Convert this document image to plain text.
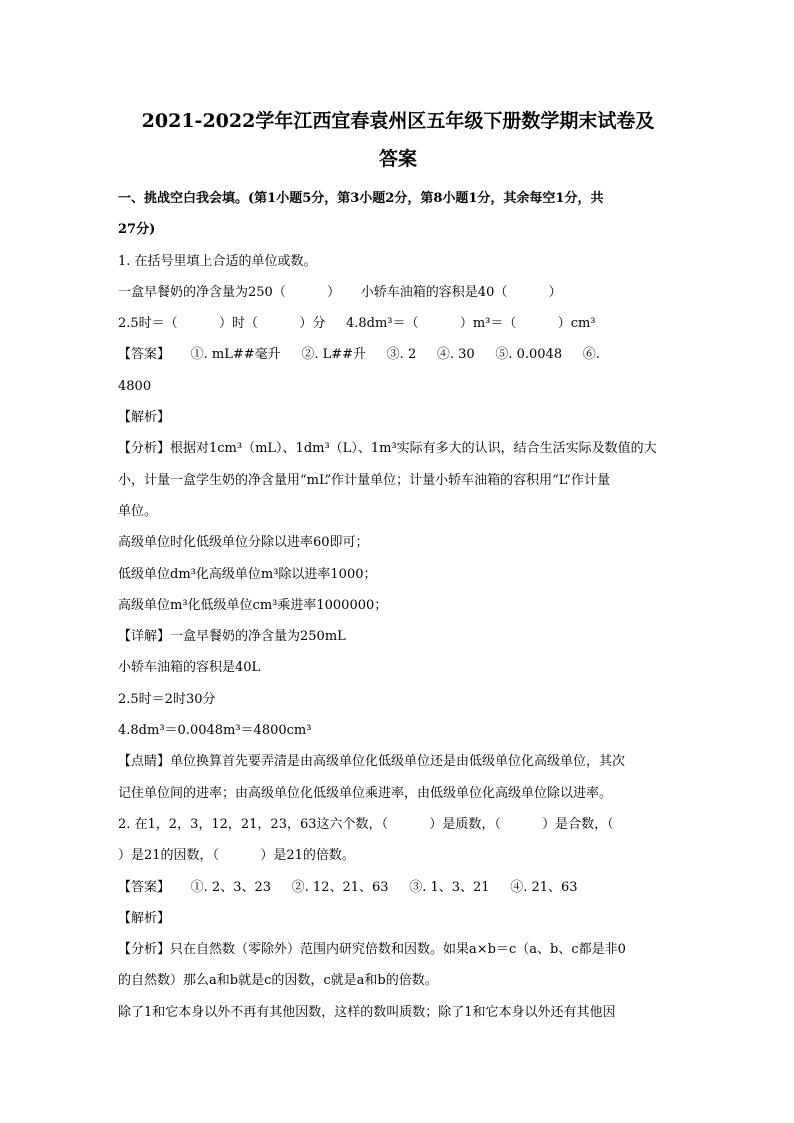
2021-2022学年江西宜春袁州区五年级下册数学期末试卷及
答案
一、挑战空白我会填。(第1小题5分，第3小题2分，第8小题1分，其余每空1分，共
27分)
1. 在括号里填上合适的单位或数。
一盒早餐奶的净含量为250（          ）     小轿车油箱的容积是40（          ）
2.5时＝（          ）时（          ）分     4.8dm³＝（          ）m³＝（          ）cm³
【答案】     ①. mL##毫升     ②. L##升     ③. 2     ④. 30     ⑤. 0.0048     ⑥.
4800
【解析】
【分析】根据对1cm³（mL）、1dm³（L）、1m³实际有多大的认识，结合生活实际及数值的大
小，计量一盒学生奶的净含量用“mL”作计量单位；计量小轿车油箱的容积用“L”作计量
单位。
高级单位时化低级单位分除以进率60即可；
低级单位dm³化高级单位m³除以进率1000；
高级单位m³化低级单位cm³乘进率1000000；
【详解】一盒早餐奶的净含量为250mL
小轿车油箱的容积是40L
2.5时＝2时30分
4.8dm³＝0.0048m³＝4800cm³
【点睛】单位换算首先要弄清是由高级单位化低级单位还是由低级单位化高级单位，其次
记住单位间的进率；由高级单位化低级单位乘进率，由低级单位化高级单位除以进率。
2. 在1，2，3，12，21，23，63这六个数，（          ）是质数，（          ）是合数，（
）是21的因数，（          ）是21的倍数。
【答案】     ①. 2、3、23     ②. 12、21、63     ③. 1、3、21     ④. 21、63
【解析】
【分析】只在自然数（零除外）范围内研究倍数和因数。如果a×b＝c（a、b、c都是非0
的自然数）那么a和b就是c的因数，c就是a和b的倍数。
除了1和它本身以外不再有其他因数，这样的数叫质数；除了1和它本身以外还有其他因
